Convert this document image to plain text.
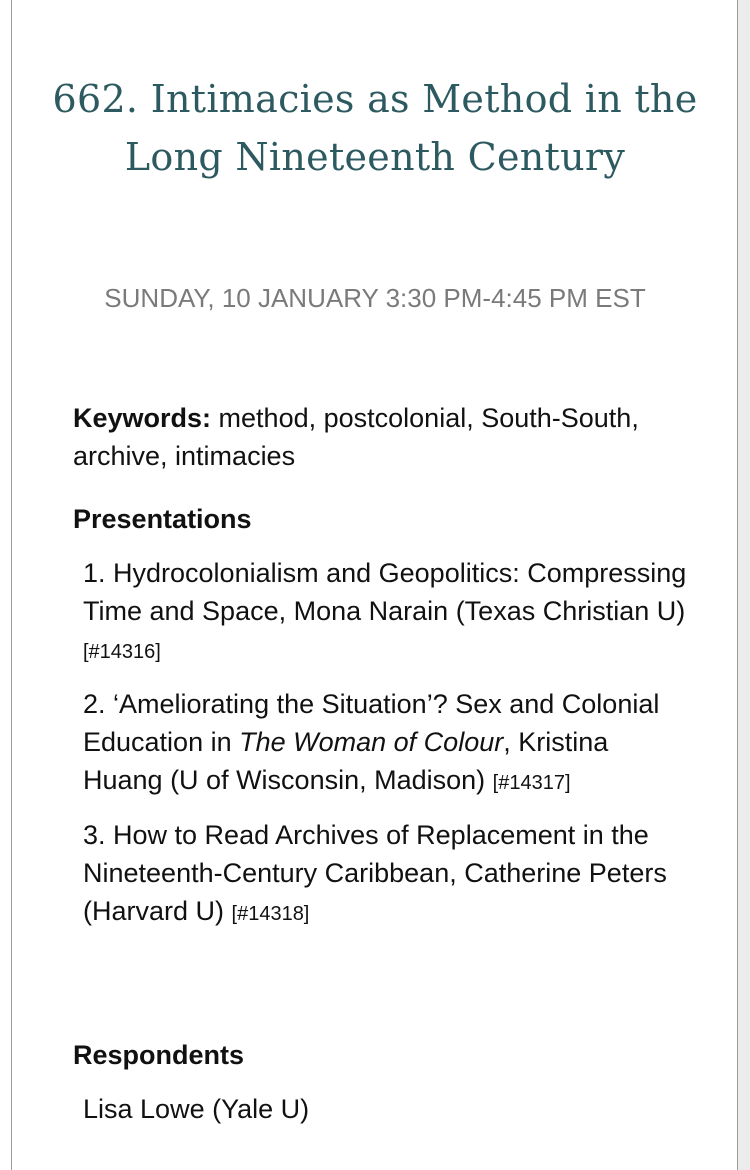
662. Intimacies as Method in the Long Nineteenth Century
SUNDAY, 10 JANUARY 3:30 PM-4:45 PM EST
Keywords: method, postcolonial, South-South, archive, intimacies
Presentations
1. Hydrocolonialism and Geopolitics: Compressing Time and Space, Mona Narain (Texas Christian U) [#14316]
2. ‘Ameliorating the Situation’? Sex and Colonial Education in The Woman of Colour, Kristina Huang (U of Wisconsin, Madison) [#14317]
3. How to Read Archives of Replacement in the Nineteenth-Century Caribbean, Catherine Peters (Harvard U) [#14318]
Respondents
Lisa Lowe (Yale U)
